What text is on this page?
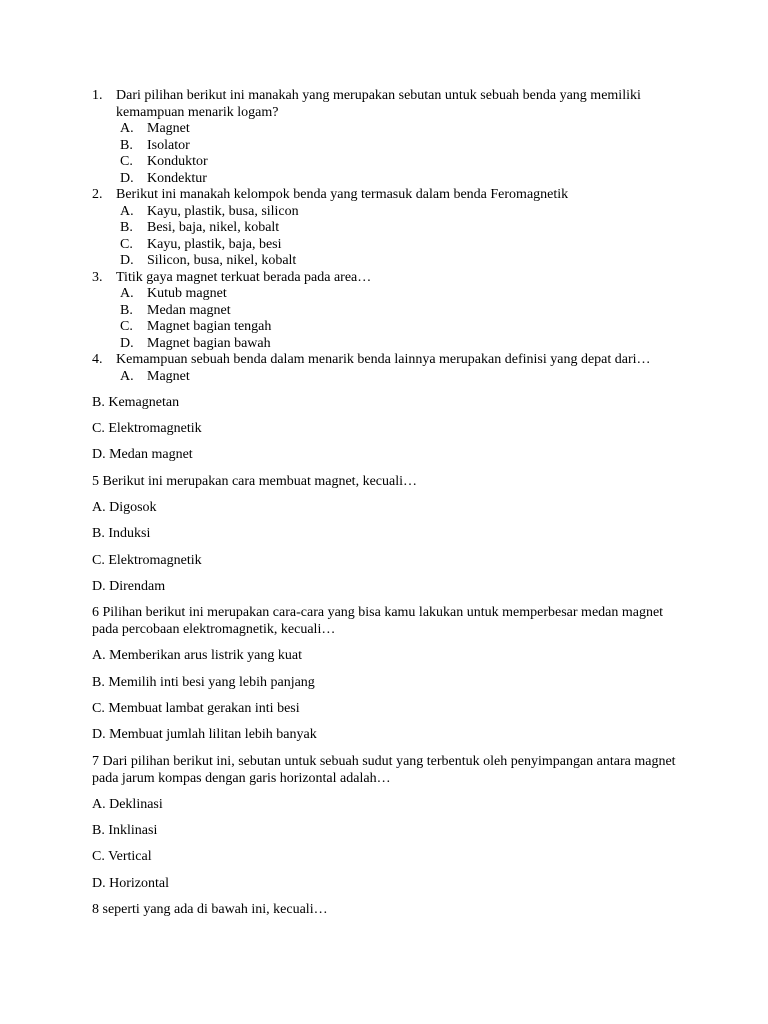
1. Dari pilihan berikut ini manakah yang merupakan sebutan untuk sebuah benda yang memiliki kemampuan menarik logam?
A. Magnet
B. Isolator
C. Konduktor
D. Kondektur
2. Berikut ini manakah kelompok benda yang termasuk dalam benda Feromagnetik
A. Kayu, plastik, busa, silicon
B. Besi, baja, nikel, kobalt
C. Kayu, plastik, baja, besi
D. Silicon, busa, nikel, kobalt
3. Titik gaya magnet terkuat berada pada area…
A. Kutub magnet
B. Medan magnet
C. Magnet bagian tengah
D. Magnet bagian bawah
4. Kemampuan sebuah benda dalam menarik benda lainnya merupakan definisi yang depat dari…
A. Magnet

B. Kemagnetan

C. Elektromagnetik

D. Medan magnet

5 Berikut ini merupakan cara membuat magnet, kecuali…

A. Digosok

B. Induksi

C. Elektromagnetik

D. Direndam

6 Pilihan berikut ini merupakan cara-cara yang bisa kamu lakukan untuk memperbesar medan magnet pada percobaan elektromagnetik, kecuali…

A. Memberikan arus listrik yang kuat

B. Memilih inti besi yang lebih panjang

C. Membuat lambat gerakan inti besi

D. Membuat jumlah lilitan lebih banyak

7 Dari pilihan berikut ini, sebutan untuk sebuah sudut yang terbentuk oleh penyimpangan antara magnet pada jarum kompas dengan garis horizontal adalah…

A. Deklinasi

B. Inklinasi

C. Vertical

D. Horizontal

8 seperti yang ada di bawah ini, kecuali…
